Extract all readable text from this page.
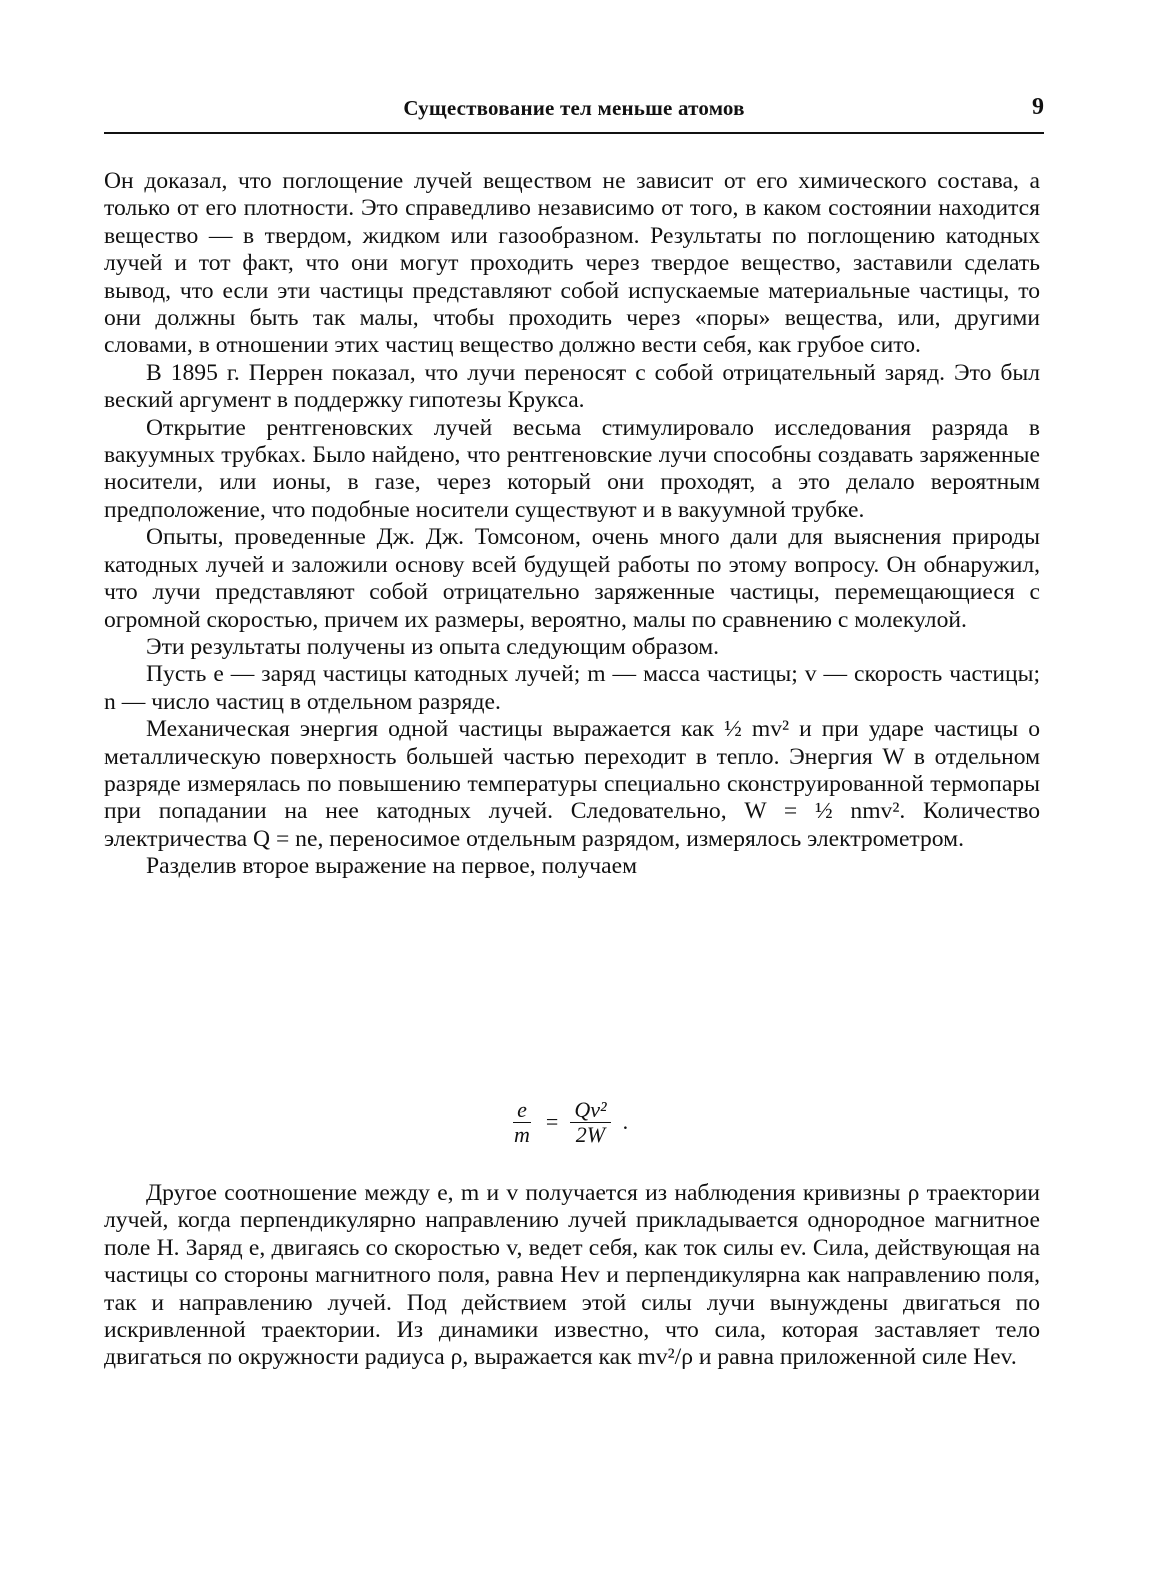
Существование тел меньше атомов	9

Он доказал, что поглощение лучей веществом не зависит от его химического состава, а только от его плотности. Это справедливо независимо от того, в каком состоянии находится вещество — в твердом, жидком или газообразном. Результаты по поглощению катодных лучей и тот факт, что они могут проходить через твердое вещество, заставили сделать вывод, что если эти частицы представляют собой испускаемые материальные частицы, то они должны быть так малы, чтобы проходить через «поры» вещества, или, другими словами, в отношении этих частиц вещество должно вести себя, как грубое сито.

В 1895 г. Перрен показал, что лучи переносят с собой отрицательный заряд. Это был веский аргумент в поддержку гипотезы Крукса.

Открытие рентгеновских лучей весьма стимулировало исследования разряда в вакуумных трубках. Было найдено, что рентгеновские лучи способны создавать заряженные носители, или ионы, в газе, через который они проходят, а это делало вероятным предположение, что подобные носители существуют и в вакуумной трубке.

Опыты, проведенные Дж. Дж. Томсоном, очень много дали для выяснения природы катодных лучей и заложили основу всей будущей работы по этому вопросу. Он обнаружил, что лучи представляют собой отрицательно заряженные частицы, перемещающиеся с огромной скоростью, причем их размеры, вероятно, малы по сравнению с молекулой.

Эти результаты получены из опыта следующим образом.

Пусть e — заряд частицы катодных лучей; m — масса частицы; v — скорость частицы; n — число частиц в отдельном разряде.

Механическая энергия одной частицы выражается как ½ mv² и при ударе частицы о металлическую поверхность большей частью переходит в тепло. Энергия W в отдельном разряде измерялась по повышению температуры специально сконструированной термопары при попадании на нее катодных лучей. Следовательно, W = ½ nmv². Количество электричества Q = ne, переносимое отдельным разрядом, измерялось электрометром.

Разделив второе выражение на первое, получаем

$\frac{e}{m} = \frac{\text{Qv²}}{2W}$ .

Другое соотношение между e, m и v получается из наблюдения кривизны ρ траектории лучей, когда перпендикулярно направлению лучей прикладывается однородное магнитное поле H. Заряд e, двигаясь со скоростью v, ведет себя, как ток силы ev. Сила, действующая на частицы со стороны магнитного поля, равна Hev и перпендикулярна как направлению поля, так и направлению лучей. Под действием этой силы лучи вынуждены двигаться по искривленной траектории. Из динамики известно, что сила, которая заставляет тело двигаться по окружности радиуса ρ, выражается как mv²/ρ и равна приложенной силе Hev.
